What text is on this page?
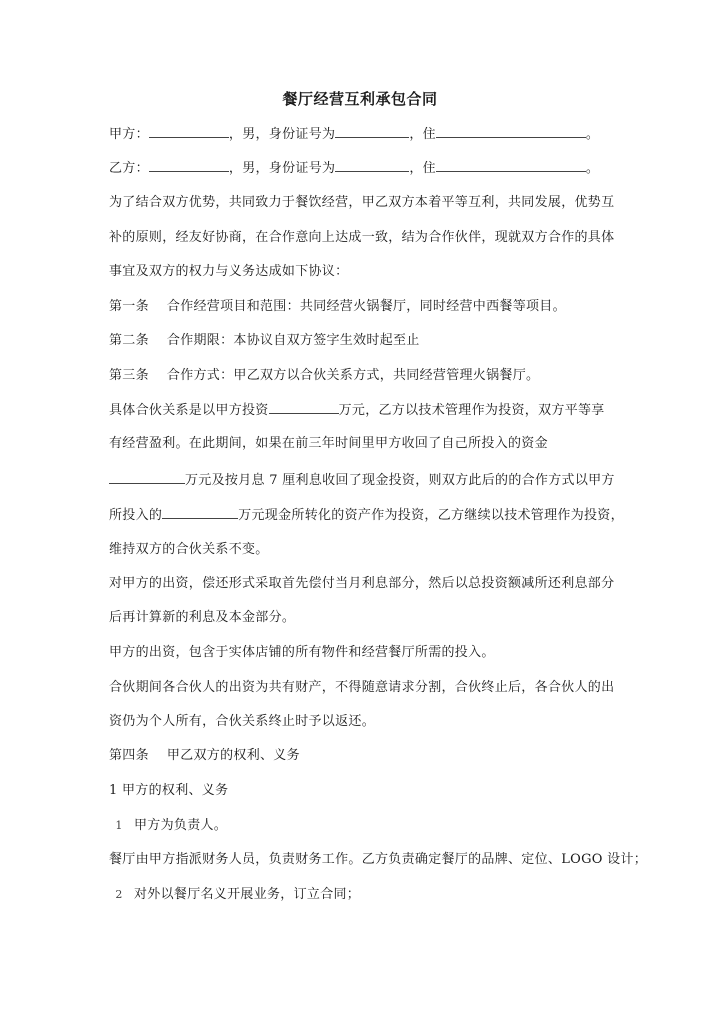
餐厅经营互利承包合同
甲方：	，男，身份证号为	，住	。
乙方：	，男，身份证号为	，住	。
为了结合双方优势，共同致力于餐饮经营，甲乙双方本着平等互利，共同发展，优势互
补的原则，经友好协商，在合作意向上达成一致，结为合作伙伴，现就双方合作的具体
事宜及双方的权力与义务达成如下协议：
第一条 合作经营项目和范围：共同经营火锅餐厅，同时经营中西餐等项目。
第二条 合作期限：本协议自双方签字生效时起至止
第三条 合作方式：甲乙双方以合伙关系方式，共同经营管理火锅餐厅。
具体合伙关系是以甲方投资	万元，乙方以技术管理作为投资，双方平等享
有经营盈利。在此期间，如果在前三年时间里甲方收回了自己所投入的资金
万元及按月息 7 厘利息收回了现金投资，则双方此后的的合作方式以甲方
所投入的	万元现金所转化的资产作为投资，乙方继续以技术管理作为投资，
维持双方的合伙关系不变。
对甲方的出资，偿还形式采取首先偿付当月利息部分，然后以总投资额减所还利息部分
后再计算新的利息及本金部分。
甲方的出资，包含于实体店铺的所有物件和经营餐厅所需的投入。
合伙期间各合伙人的出资为共有财产，不得随意请求分割，合伙终止后，各合伙人的出
资仍为个人所有，合伙关系终止时予以返还。
第四条 甲乙双方的权利、义务
1 甲方的权利、义务
1 甲方为负责人。
餐厅由甲方指派财务人员，负责财务工作。乙方负责确定餐厅的品牌、定位、LOGO 设计；
2 对外以餐厅名义开展业务，订立合同；
